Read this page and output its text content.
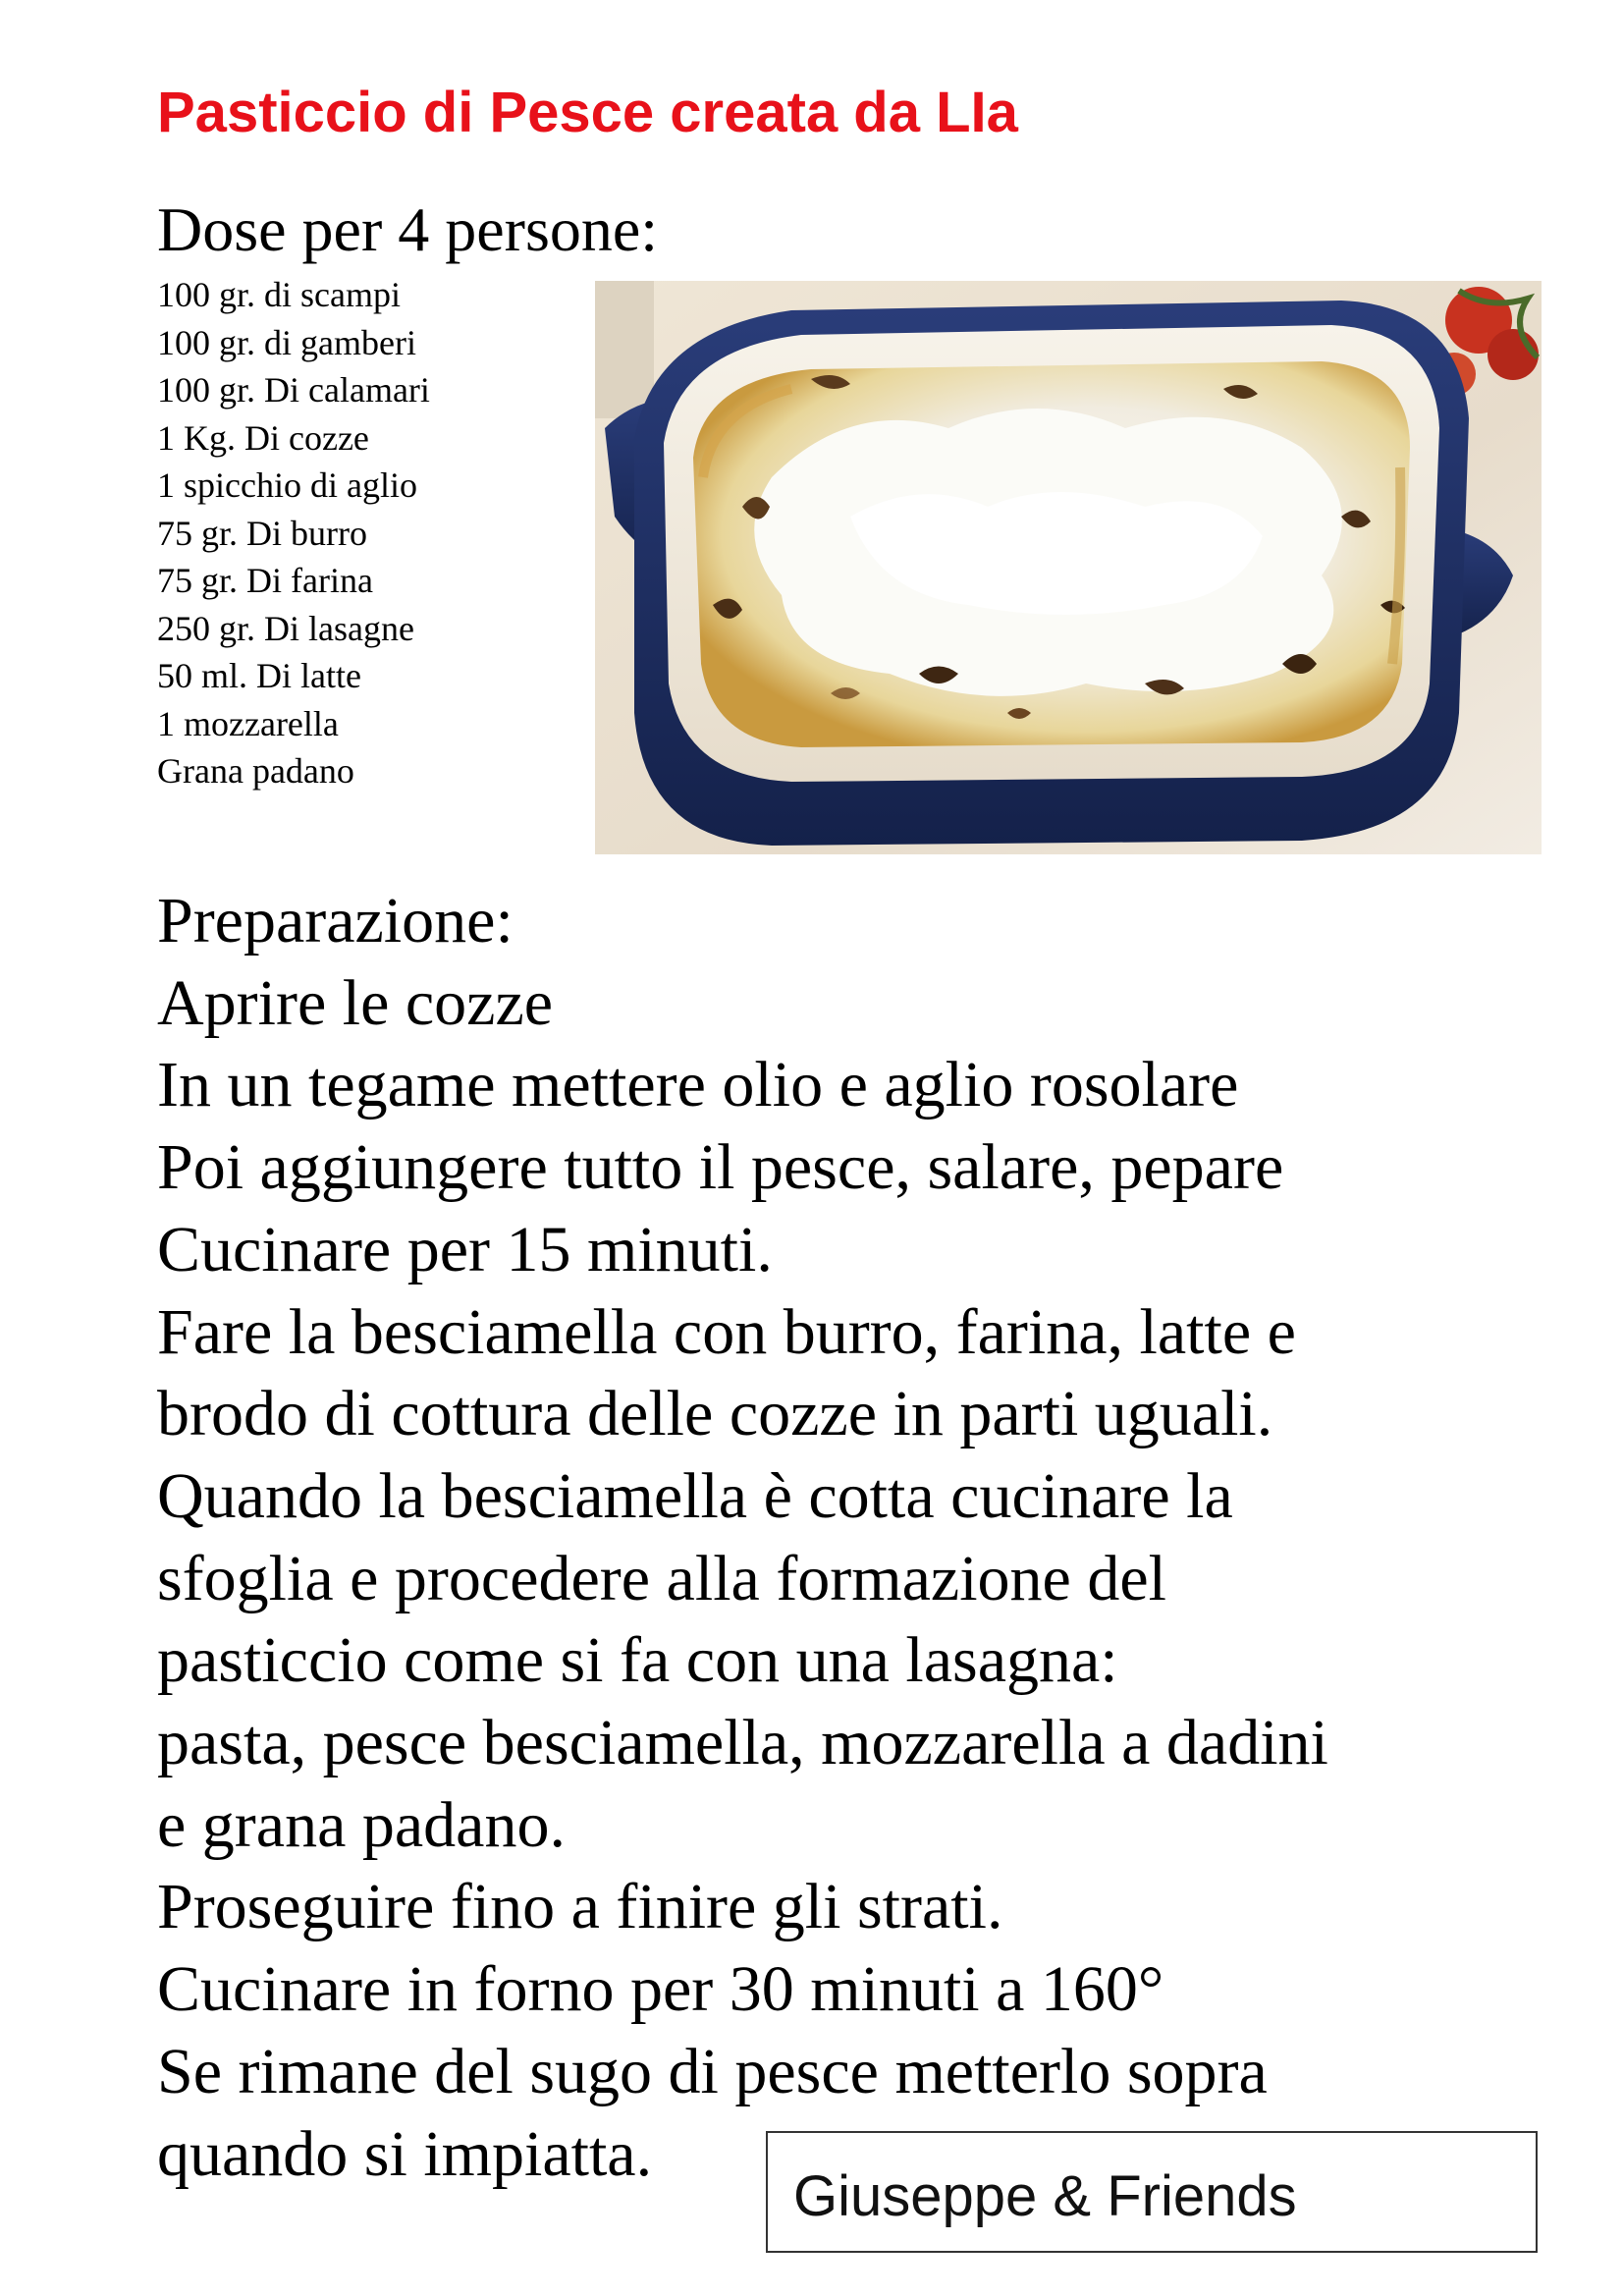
Pasticcio di Pesce creata da LIa
Dose per 4 persone:
100 gr. di scampi
100 gr. di gamberi
100 gr. Di calamari
1 Kg. Di cozze
1 spicchio di aglio
75 gr. Di burro
75 gr. Di farina
250 gr. Di lasagne
50 ml. Di latte
1 mozzarella
Grana padano
Preparazione:
Aprire le cozze
In un tegame mettere olio e aglio rosolare
Poi aggiungere tutto il pesce, salare, pepare
Cucinare per 15 minuti.
Fare la besciamella con burro, farina, latte e
brodo di cottura delle cozze in parti uguali.
Quando la besciamella è cotta cucinare la
sfoglia e procedere alla formazione del
pasticcio come si fa con una lasagna:
pasta, pesce besciamella, mozzarella a dadini
e grana padano.
Proseguire fino a finire gli strati.
Cucinare in forno per 30 minuti a 160°
Se rimane del sugo di pesce metterlo sopra
quando si impiatta.
Giuseppe & Friends
